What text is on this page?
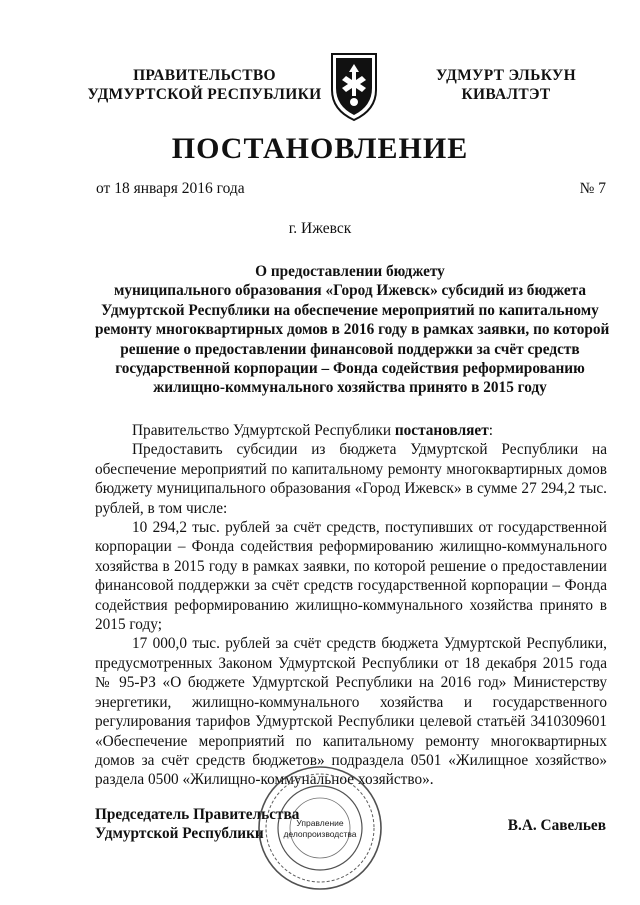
ПРАВИТЕЛЬСТВО
УДМУРТСКОЙ РЕСПУБЛИКИ
УДМУРТ ЭЛЬКУН
КИВАЛТЭТ
ПОСТАНОВЛЕНИЕ
от 18 января 2016 года	№ 7
г. Ижевск
О предоставлении бюджету
муниципального образования «Город Ижевск» субсидий из бюджета
Удмуртской Республики на обеспечение мероприятий по капитальному
ремонту многоквартирных домов в 2016 году в рамках заявки, по которой
решение о предоставлении финансовой поддержки за счёт средств
государственной корпорации – Фонда содействия реформированию
жилищно-коммунального хозяйства принято в 2015 году

Правительство Удмуртской Республики постановляет:

Предоставить субсидии из бюджета Удмуртской Республики на обеспечение мероприятий по капитальному ремонту многоквартирных домов бюджету муниципального образования «Город Ижевск» в сумме 27 294,2 тыс. рублей, в том числе:

10 294,2 тыс. рублей за счёт средств, поступивших от государственной корпорации – Фонда содействия реформированию жилищно-коммунального хозяйства в 2015 году в рамках заявки, по которой решение о предоставлении финансовой поддержки за счёт средств государственной корпорации – Фонда содействия реформированию жилищно-коммунального хозяйства принято в 2015 году;

17 000,0 тыс. рублей за счёт средств бюджета Удмуртской Республики, предусмотренных Законом Удмуртской Республики от 18 декабря 2015 года № 95-РЗ «О бюджете Удмуртской Республики на 2016 год» Министерству энергетики, жилищно-коммунального хозяйства и государственного регулирования тарифов Удмуртской Республики целевой статьёй 3410309601 «Обеспечение мероприятий по капитальному ремонту многоквартирных домов за счёт средств бюджетов» подраздела 0501 «Жилищное хозяйство» раздела 0500 «Жилищно-коммунальное хозяйство».

Председатель Правительства
Удмуртской Республики	В.А. Савельев
Управление
делопроизводства
